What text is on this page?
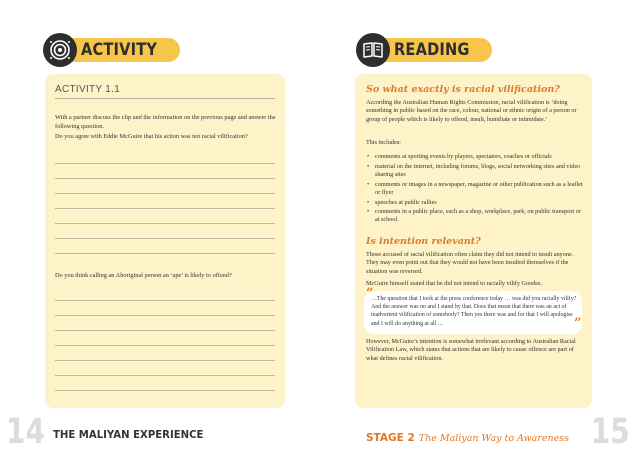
ACTIVITY
ACTIVITY 1.1
With a partner discuss the clip and the information on the previous page and answer the following question.
Do you agree with Eddie McGuire that his action was not racial vilification?
Do you think calling an Aboriginal person an ‘ape’ is likely to offend?
14 THE MALIYAN EXPERIENCE
READING
So what exactly is racial vilification?
According the Australian Human Rights Commission, racial vilification is ‘doing something in public based on the race, colour, national or ethnic origin of a person or group of people which is likely to offend, insult, humiliate or intimidate.’
This includes:
• comments at sporting events by players, spectators, coaches or officials
• material on the internet, including forums, blogs, social networking sites and video sharing sites
• comments or images in a newspaper, magazine or other publication such as a leaflet or flyer
• speeches at public rallies
• comments in a public place, such as a shop, workplace, park, on public transport or at school.
Is intention relevant?
Those accused of racial vilification often claim they did not intend to insult anyone. They may even point out that they would not have been insulted themselves if the situation was reversed.
McGuire himself stated that he did not intend to racially vilify Goodes.
“
…The question that I took at the press conference today … was did you racially vilify? And the answer was no and I stand by that. Does that mean that there was an act of inadvertent vilification of somebody? Then yes there was and for that I will apologise and I will do anything at all …	”
However, McGuire’s intention is somewhat irrelevant according to Australian Racial Vilification Law, which states that actions that are likely to cause offence are part of what defines racial vilification.
STAGE 2 The Maliyan Way to Awareness 15
